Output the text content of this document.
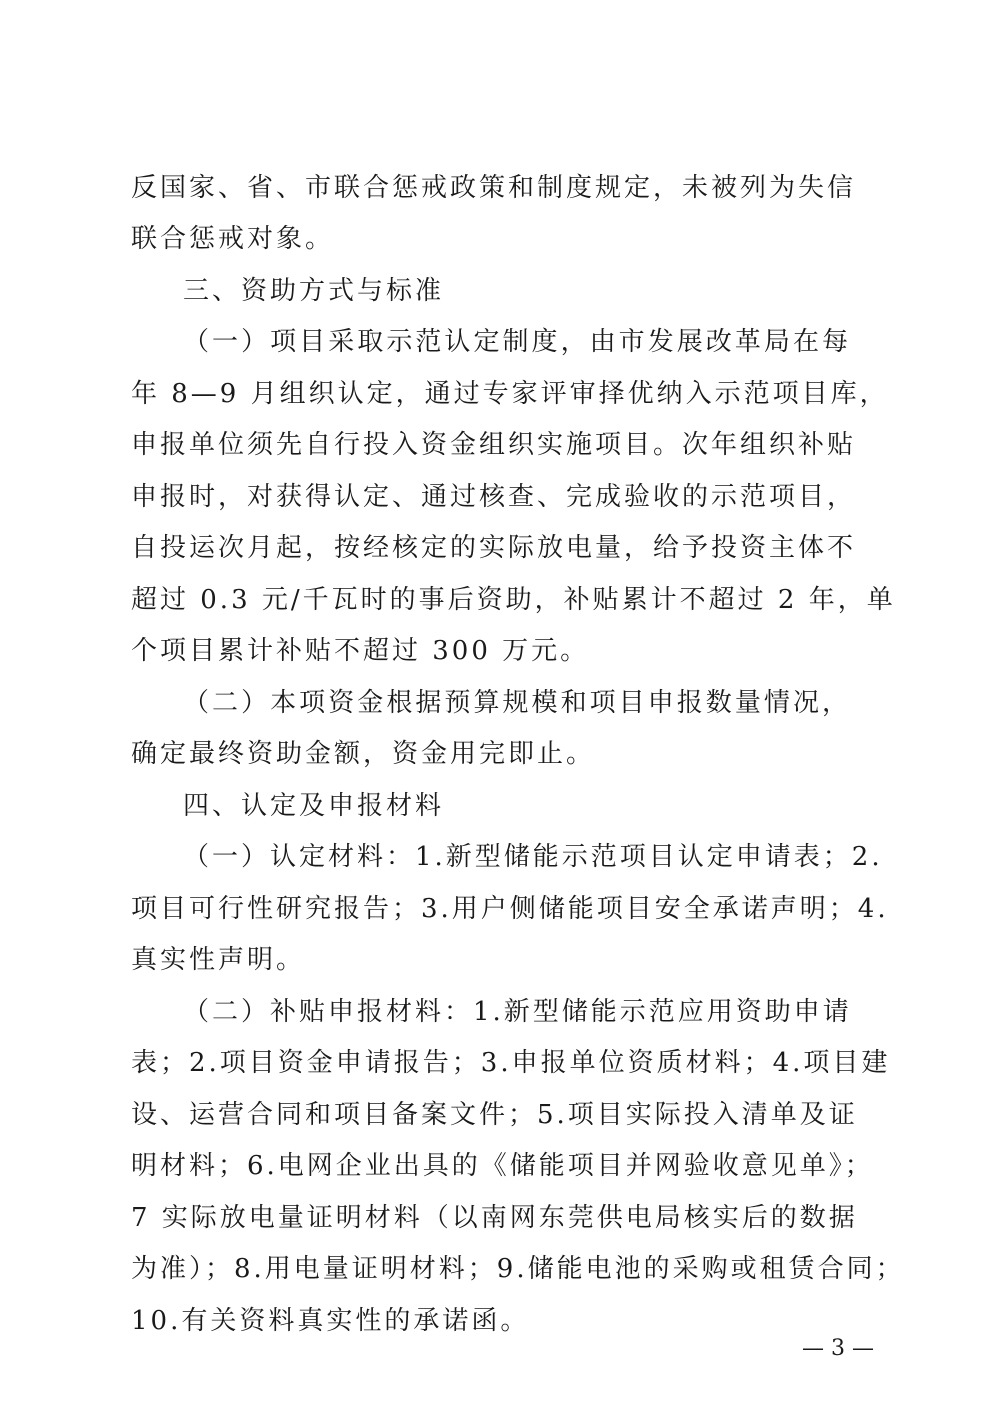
反国家、省、市联合惩戒政策和制度规定，未被列为失信
联合惩戒对象。
三、资助方式与标准
（一）项目采取示范认定制度，由市发展改革局在每
年 8—9 月组织认定，通过专家评审择优纳入示范项目库，
申报单位须先自行投入资金组织实施项目。次年组织补贴
申报时，对获得认定、通过核查、完成验收的示范项目，
自投运次月起，按经核定的实际放电量，给予投资主体不
超过 0.3 元/千瓦时的事后资助，补贴累计不超过 2 年，单
个项目累计补贴不超过 300 万元。
（二）本项资金根据预算规模和项目申报数量情况，
确定最终资助金额，资金用完即止。
四、认定及申报材料
（一）认定材料：1.新型储能示范项目认定申请表；2.
项目可行性研究报告；3.用户侧储能项目安全承诺声明；4.
真实性声明。
（二）补贴申报材料：1.新型储能示范应用资助申请
表；2.项目资金申请报告；3.申报单位资质材料；4.项目建
设、运营合同和项目备案文件；5.项目实际投入清单及证
明材料；6.电网企业出具的《储能项目并网验收意见单》；
7 实际放电量证明材料（以南网东莞供电局核实后的数据
为准）；8.用电量证明材料；9.储能电池的采购或租赁合同；
10.有关资料真实性的承诺函。
— 3 —
